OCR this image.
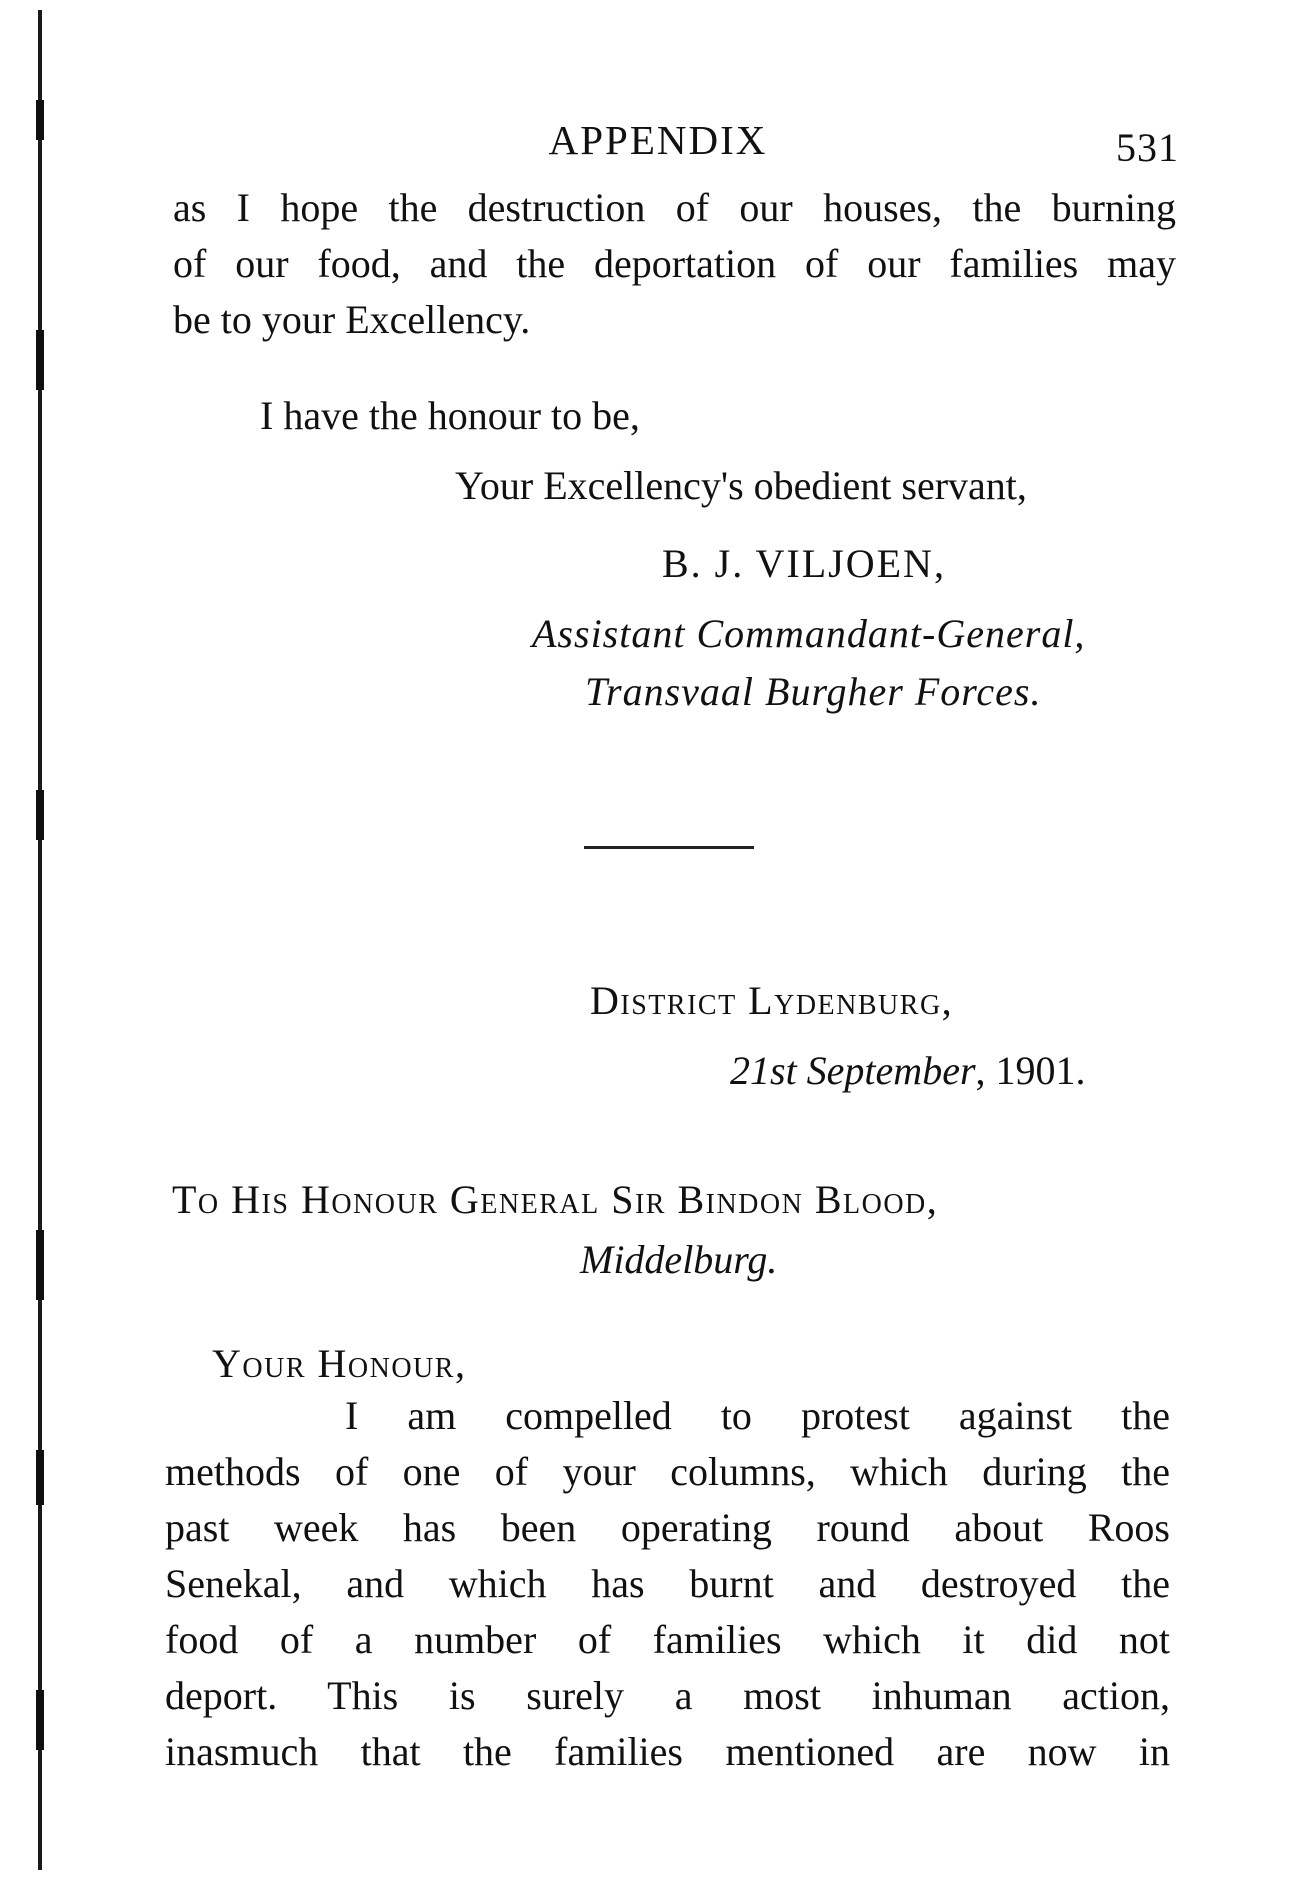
APPENDIX	531
as I hope the destruction of our houses, the burning
of our food, and the deportation of our families may
be to your Excellency.
I have the honour to be,
Your Excellency's obedient servant,
B. J. VILJOEN,
Assistant Commandant-General,
Transvaal Burgher Forces.
District Lydenburg,
21st September, 1901.
To His Honour General Sir Bindon Blood,
Middelburg.
Your Honour,
I am compelled to protest against the
methods of one of your columns, which during the
past week has been operating round about Roos
Senekal, and which has burnt and destroyed the
food of a number of families which it did not
deport. This is surely a most inhuman action,
inasmuch that the families mentioned are now in
